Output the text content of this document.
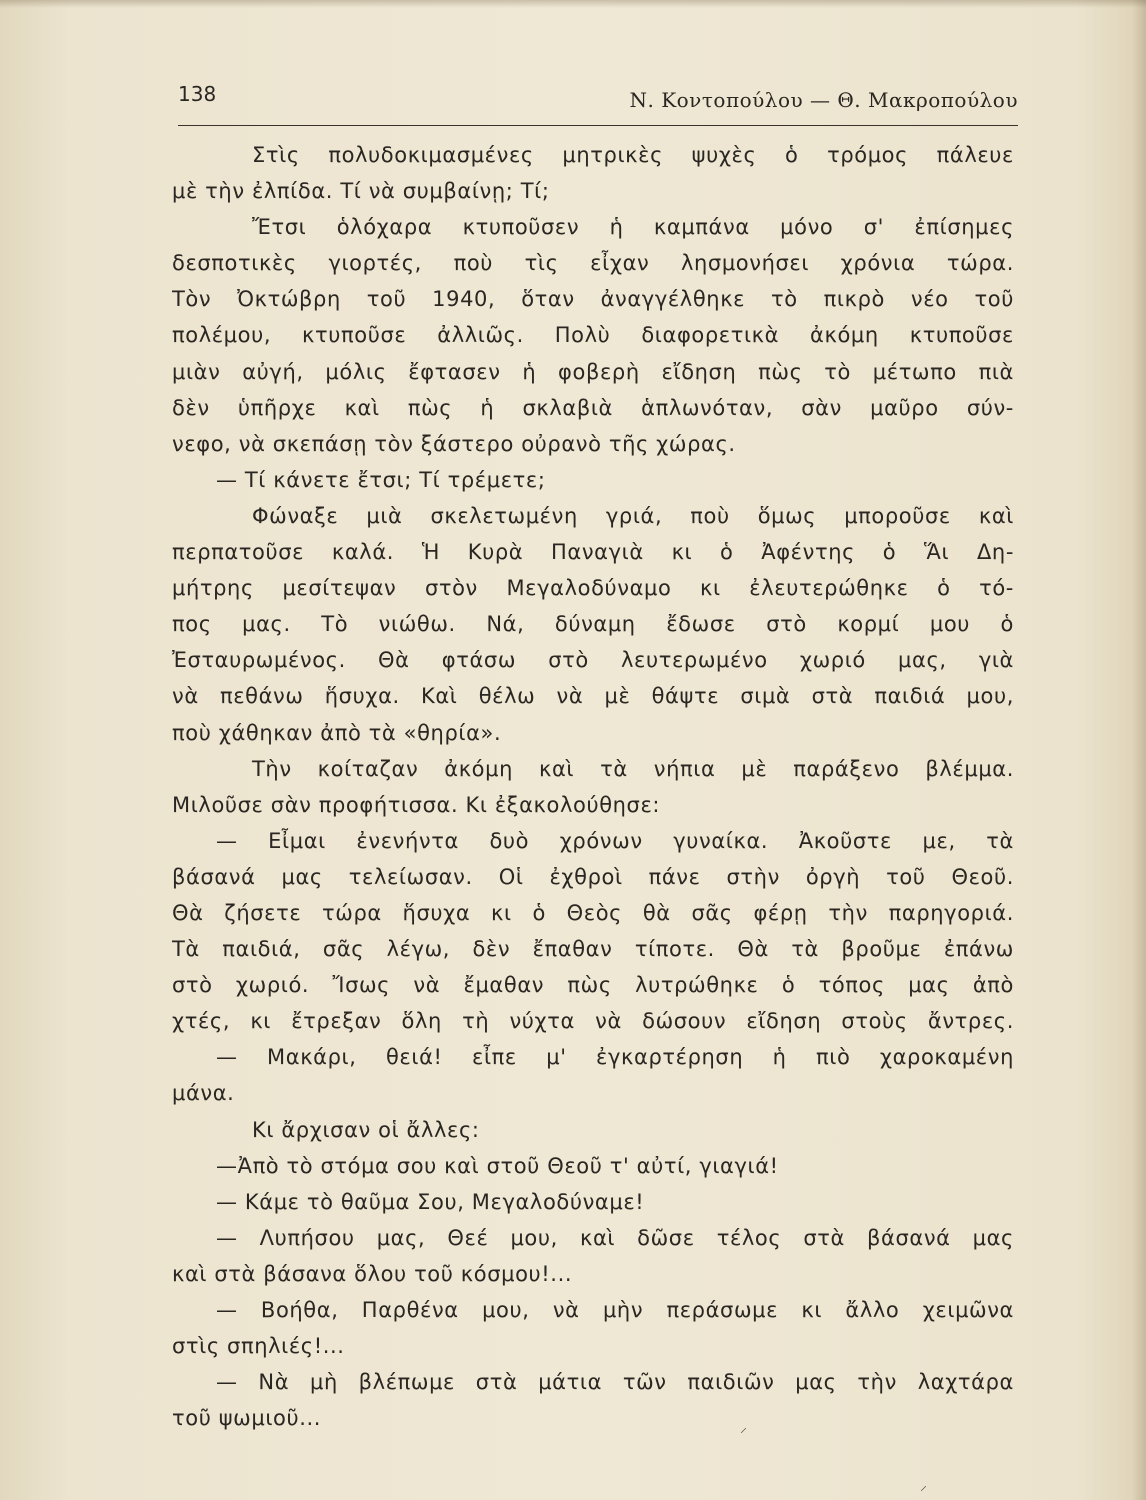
138	Ν. Κοντοπούλου — Θ. Μακροπούλου
Στὶς πολυδοκιμασμένες μητρικὲς ψυχὲς ὁ τρόμος πάλευε
μὲ τὴν ἐλπίδα. Τί νὰ συμβαίνῃ; Τί;
Ἔτσι ὁλόχαρα κτυποῦσεν ἡ καμπάνα μόνο σ' ἐπίσημες
δεσποτικὲς γιορτές, ποὺ τὶς εἶχαν λησμονήσει χρόνια τώρα.
Τὸν Ὀκτώβρη τοῦ 1940, ὅταν ἀναγγέλθηκε τὸ πικρὸ νέο τοῦ
πολέμου, κτυποῦσε ἀλλιῶς. Πολὺ διαφορετικὰ ἀκόμη κτυποῦσε
μιὰν αὐγή, μόλις ἔφτασεν ἡ φοβερὴ εἴδηση πὼς τὸ μέτωπο πιὰ
δὲν ὑπῆρχε καὶ πὼς ἡ σκλαβιὰ ἁπλωνόταν, σὰν μαῦρο σύν-
νεφο, νὰ σκεπάσῃ τὸν ξάστερο οὐρανὸ τῆς χώρας.
— Τί κάνετε ἔτσι; Τί τρέμετε;
Φώναξε μιὰ σκελετωμένη γριά, ποὺ ὅμως μποροῦσε καὶ
περπατοῦσε καλά. Ἡ Κυρὰ Παναγιὰ κι ὁ Ἀφέντης ὁ Ἅι Δη-
μήτρης μεσίτεψαν στὸν Μεγαλοδύναμο κι ἐλευτερώθηκε ὁ τό-
πος μας. Τὸ νιώθω. Νά, δύναμη ἔδωσε στὸ κορμί μου ὁ
Ἐσταυρωμένος. Θὰ φτάσω στὸ λευτερωμένο χωριό μας, γιὰ
νὰ πεθάνω ἥσυχα. Καὶ θέλω νὰ μὲ θάψτε σιμὰ στὰ παιδιά μου,
ποὺ χάθηκαν ἀπὸ τὰ «θηρία».
Τὴν κοίταζαν ἀκόμη καὶ τὰ νήπια μὲ παράξενο βλέμμα.
Μιλοῦσε σὰν προφήτισσα. Κι ἐξακολούθησε:
— Εἶμαι ἐνενήντα δυὸ χρόνων γυναίκα. Ἀκοῦστε με, τὰ
βάσανά μας τελείωσαν. Οἱ ἐχθροὶ πάνε στὴν ὀργὴ τοῦ Θεοῦ.
Θὰ ζήσετε τώρα ἥσυχα κι ὁ Θεὸς θὰ σᾶς φέρῃ τὴν παρηγοριά.
Τὰ παιδιά, σᾶς λέγω, δὲν ἔπαθαν τίποτε. Θὰ τὰ βροῦμε ἐπάνω
στὸ χωριό. Ἴσως νὰ ἔμαθαν πὼς λυτρώθηκε ὁ τόπος μας ἀπὸ
χτές, κι ἔτρεξαν ὅλη τὴ νύχτα νὰ δώσουν εἴδηση στοὺς ἄντρες.
— Μακάρι, θειά! εἶπε μ' ἐγκαρτέρηση ἡ πιὸ χαροκαμένη
μάνα.
Κι ἄρχισαν οἱ ἄλλες:
—Ἀπὸ τὸ στόμα σου καὶ στοῦ Θεοῦ τ' αὐτί, γιαγιά!
— Κάμε τὸ θαῦμα Σου, Μεγαλοδύναμε!
— Λυπήσου μας, Θεέ μου, καὶ δῶσε τέλος στὰ βάσανά μας
καὶ στὰ βάσανα ὅλου τοῦ κόσμου!...
— Βοήθα, Παρθένα μου, νὰ μὴν περάσωμε κι ἄλλο χειμῶνα
στὶς σπηλιές!...
— Νὰ μὴ βλέπωμε στὰ μάτια τῶν παιδιῶν μας τὴν λαχτάρα
τοῦ ψωμιοῦ...	⸝
⸝
